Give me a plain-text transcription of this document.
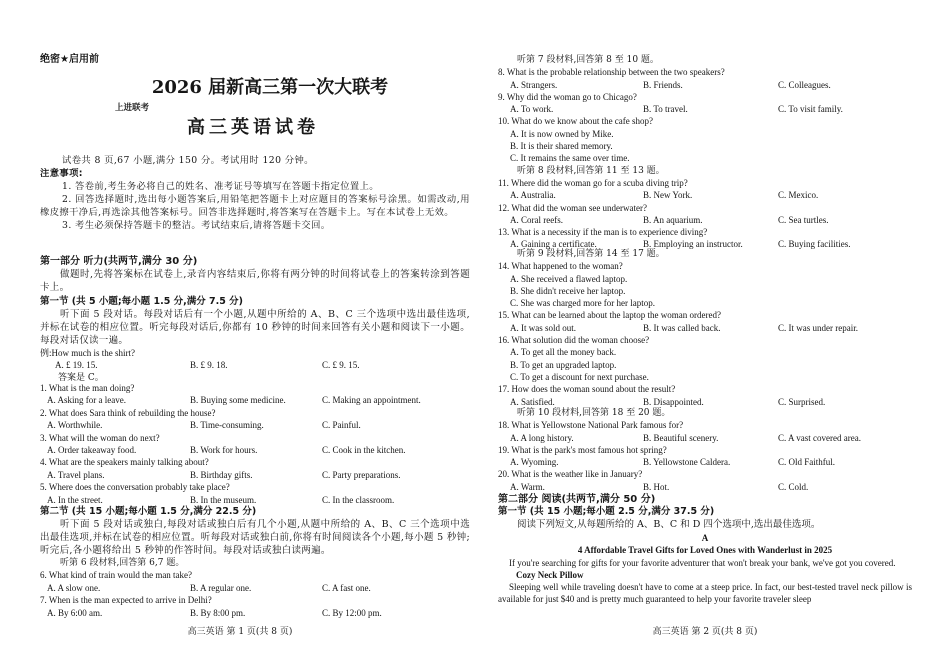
绝密★启用前
2026 届新高三第一次大联考
上进联考
高三英语试卷
试卷共 8 页,67 小题,满分 150 分。考试用时 120 分钟。
注意事项:
1. 答卷前,考生务必将自己的姓名、准考证号等填写在答题卡指定位置上。
2. 回答选择题时,选出每小题答案后,用铅笔把答题卡上对应题目的答案标号涂黑。如需改动,用橡皮擦干净后,再选涂其他答案标号。回答非选择题时,将答案写在答题卡上。写在本试卷上无效。
3. 考生必须保持答题卡的整洁。考试结束后,请将答题卡交回。
第一部分 听力(共两节,满分 30 分)
做题时,先将答案标在试卷上,录音内容结束后,你将有两分钟的时间将试卷上的答案转涂到答题卡上。
第一节 (共 5 小题;每小题 1.5 分,满分 7.5 分)
听下面 5 段对话。每段对话后有一个小题,从题中所给的 A、B、C 三个选项中选出最佳选项,并标在试卷的相应位置。听完每段对话后,你都有 10 秒钟的时间来回答有关小题和阅读下一小题。每段对话仅读一遍。
例:How much is the shirt?
A. £ 19. 15.	B. £ 9. 18.	C. £ 9. 15.
答案是 C。
1. What is the man doing?
A. Asking for a leave.	B. Buying some medicine.	C. Making an appointment.
2. What does Sara think of rebuilding the house?
A. Worthwhile.	B. Time-consuming.	C. Painful.
3. What will the woman do next?
A. Order takeaway food.	B. Work for hours.	C. Cook in the kitchen.
4. What are the speakers mainly talking about?
A. Travel plans.	B. Birthday gifts.	C. Party preparations.
5. Where does the conversation probably take place?
A. In the street.	B. In the museum.	C. In the classroom.
第二节 (共 15 小题;每小题 1.5 分,满分 22.5 分)
听下面 5 段对话或独白,每段对话或独白后有几个小题,从题中所给的 A、B、C 三个选项中选出最佳选项,并标在试卷的相应位置。听每段对话或独白前,你将有时间阅读各个小题,每小题 5 秒钟;听完后,各小题将给出 5 秒钟的作答时间。每段对话或独白读两遍。
听第 6 段材料,回答第 6,7 题。
6. What kind of train would the man take?
A. A slow one.	B. A regular one.	C. A fast one.
7. When is the man expected to arrive in Delhi?
A. By 6:00 am.	B. By 8:00 pm.	C. By 12:00 pm.
高三英语 第 1 页(共 8 页)
听第 7 段材料,回答第 8 至 10 题。
8. What is the probable relationship between the two speakers?
A. Strangers.	B. Friends.	C. Colleagues.
9. Why did the woman go to Chicago?
A. To work.	B. To travel.	C. To visit family.
10. What do we know about the cafe shop?
A. It is now owned by Mike.
B. It is their shared memory.
C. It remains the same over time.
听第 8 段材料,回答第 11 至 13 题。
11. Where did the woman go for a scuba diving trip?
A. Australia.	B. New York.	C. Mexico.
12. What did the woman see underwater?
A. Coral reefs.	B. An aquarium.	C. Sea turtles.
13. What is a necessity if the man is to experience diving?
A. Gaining a certificate.	B. Employing an instructor.	C. Buying facilities.
听第 9 段材料,回答第 14 至 17 题。
14. What happened to the woman?
A. She received a flawed laptop.
B. She didn't receive her laptop.
C. She was charged more for her laptop.
15. What can be learned about the laptop the woman ordered?
A. It was sold out.	B. It was called back.	C. It was under repair.
16. What solution did the woman choose?
A. To get all the money back.
B. To get an upgraded laptop.
C. To get a discount for next purchase.
17. How does the woman sound about the result?
A. Satisfied.	B. Disappointed.	C. Surprised.
听第 10 段材料,回答第 18 至 20 题。
18. What is Yellowstone National Park famous for?
A. A long history.	B. Beautiful scenery.	C. A vast covered area.
19. What is the park's most famous hot spring?
A. Wyoming.	B. Yellowstone Caldera.	C. Old Faithful.
20. What is the weather like in January?
A. Warm.	B. Hot.	C. Cold.
第二部分 阅读(共两节,满分 50 分)
第一节 (共 15 小题;每小题 2.5 分,满分 37.5 分)
阅读下列短文,从每题所给的 A、B、C 和 D 四个选项中,选出最佳选项。
A
4 Affordable Travel Gifts for Loved Ones with Wanderlust in 2025
If you're searching for gifts for your favorite adventurer that won't break your bank, we've got you covered.
Cozy Neck Pillow
Sleeping well while traveling doesn't have to come at a steep price. In fact, our best-tested travel neck pillow is available for just $40 and is pretty much guaranteed to help your favorite traveler sleep
高三英语 第 2 页(共 8 页)
